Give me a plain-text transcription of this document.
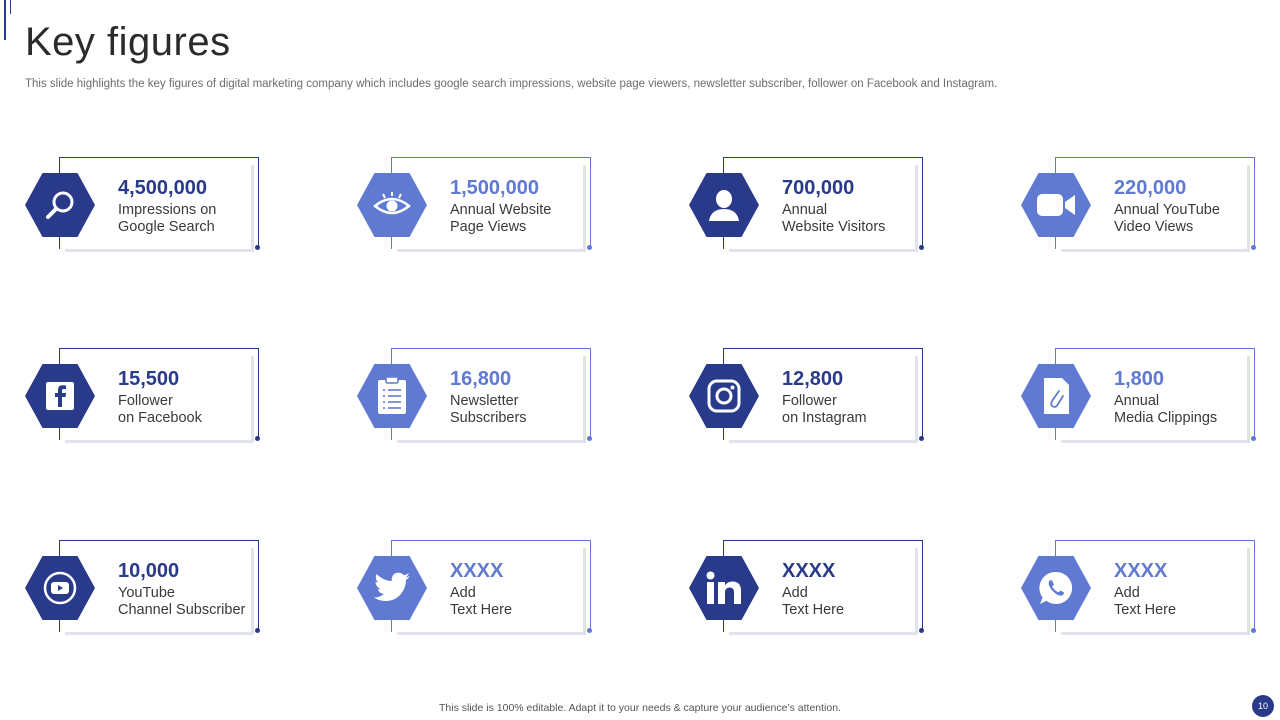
Key figures
This slide highlights the key figures of digital marketing company which includes google search impressions, website page viewers, newsletter subscriber, follower on Facebook and Instagram.
4,500,000
Impressions on
Google Search
1,500,000
Annual Website
Page Views
700,000
Annual
Website Visitors
220,000
Annual YouTube
Video Views
15,500
Follower
on Facebook
16,800
Newsletter
Subscribers
12,800
Follower
on Instagram
1,800
Annual
Media Clippings
10,000
YouTube
Channel Subscriber
XXXX
Add
Text Here
XXXX
Add
Text Here
XXXX
Add
Text Here
This slide is 100% editable. Adapt it to your needs & capture your audience’s attention.	10
